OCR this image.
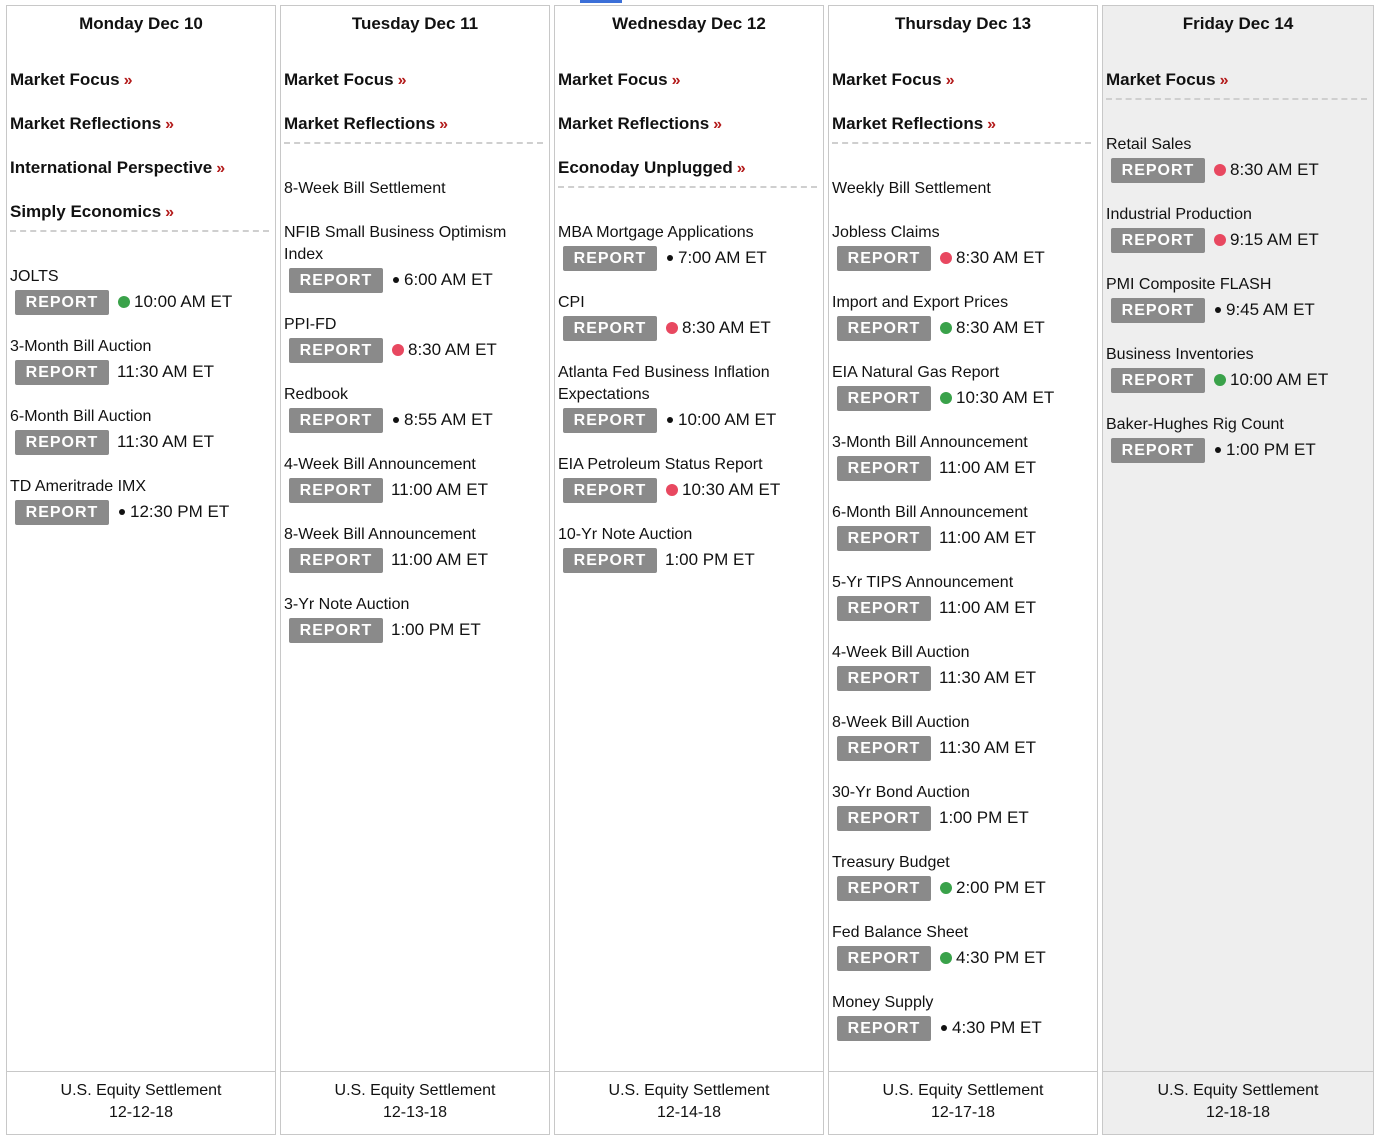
Monday Dec 10
Market Focus »
Market Reflections »
International Perspective »
Simply Economics »
JOLTS
REPORT	10:00 AM ET
3-Month Bill Auction
REPORT	11:30 AM ET
6-Month Bill Auction
REPORT	11:30 AM ET
TD Ameritrade IMX
REPORT	12:30 PM ET
U.S. Equity Settlement
12-12-18
Tuesday Dec 11
Market Focus »
Market Reflections »
8-Week Bill Settlement
NFIB Small Business Optimism Index
REPORT	6:00 AM ET
PPI-FD
REPORT	8:30 AM ET
Redbook
REPORT	8:55 AM ET
4-Week Bill Announcement
REPORT	11:00 AM ET
8-Week Bill Announcement
REPORT	11:00 AM ET
3-Yr Note Auction
REPORT	1:00 PM ET
U.S. Equity Settlement
12-13-18
Wednesday Dec 12
Market Focus »
Market Reflections »
Econoday Unplugged »
MBA Mortgage Applications
REPORT	7:00 AM ET
CPI
REPORT	8:30 AM ET
Atlanta Fed Business Inflation Expectations
REPORT	10:00 AM ET
EIA Petroleum Status Report
REPORT	10:30 AM ET
10-Yr Note Auction
REPORT	1:00 PM ET
U.S. Equity Settlement
12-14-18
Thursday Dec 13
Market Focus »
Market Reflections »
Weekly Bill Settlement
Jobless Claims
REPORT	8:30 AM ET
Import and Export Prices
REPORT	8:30 AM ET
EIA Natural Gas Report
REPORT	10:30 AM ET
3-Month Bill Announcement
REPORT	11:00 AM ET
6-Month Bill Announcement
REPORT	11:00 AM ET
5-Yr TIPS Announcement
REPORT	11:00 AM ET
4-Week Bill Auction
REPORT	11:30 AM ET
8-Week Bill Auction
REPORT	11:30 AM ET
30-Yr Bond Auction
REPORT	1:00 PM ET
Treasury Budget
REPORT	2:00 PM ET
Fed Balance Sheet
REPORT	4:30 PM ET
Money Supply
REPORT	4:30 PM ET
U.S. Equity Settlement
12-17-18
Friday Dec 14
Market Focus »
Retail Sales
REPORT	8:30 AM ET
Industrial Production
REPORT	9:15 AM ET
PMI Composite FLASH
REPORT	9:45 AM ET
Business Inventories
REPORT	10:00 AM ET
Baker-Hughes Rig Count
REPORT	1:00 PM ET
U.S. Equity Settlement
12-18-18
